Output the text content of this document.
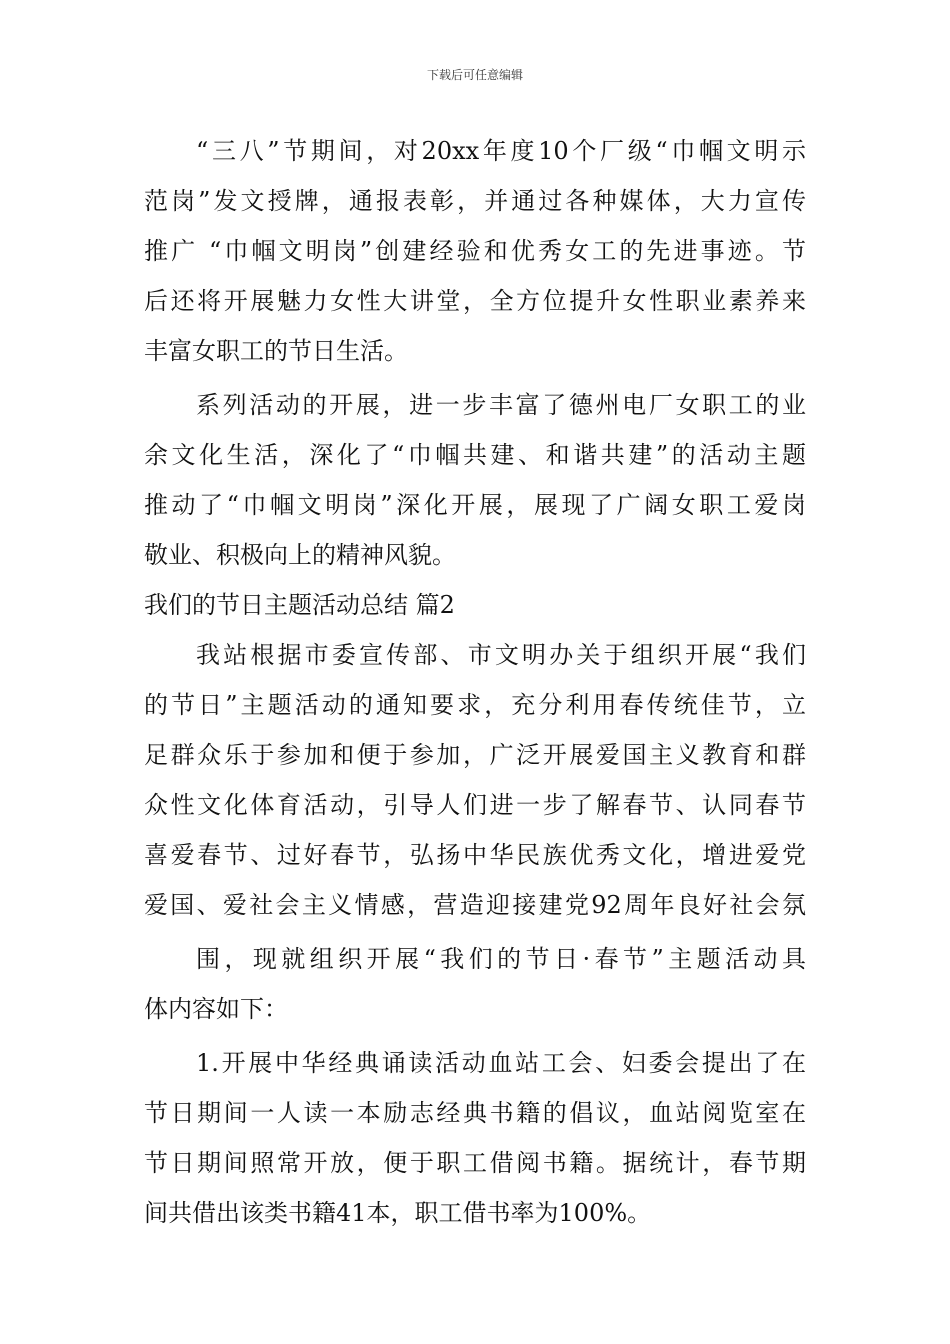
下载后可任意编辑
“三八”节期间，对20xx年度10个厂级“巾帼文明示
范岗”发文授牌，通报表彰，并通过各种媒体，大力宣传
推广 “巾帼文明岗”创建经验和优秀女工的先进事迹。节
后还将开展魅力女性大讲堂，全方位提升女性职业素养来
丰富女职工的节日生活。
系列活动的开展，进一步丰富了德州电厂女职工的业
余文化生活，深化了“巾帼共建、和谐共建”的活动主题
推动了“巾帼文明岗”深化开展，展现了广阔女职工爱岗
敬业、积极向上的精神风貌。
我们的节日主题活动总结 篇2
我站根据市委宣传部、市文明办关于组织开展“我们
的节日”主题活动的通知要求，充分利用春传统佳节，立
足群众乐于参加和便于参加，广泛开展爱国主义教育和群
众性文化体育活动，引导人们进一步了解春节、认同春节
喜爱春节、过好春节，弘扬中华民族优秀文化，增进爱党
爱国、爱社会主义情感，营造迎接建党92周年良好社会氛
围，现就组织开展“我们的节日·春节”主题活动具
体内容如下：
1.开展中华经典诵读活动血站工会、妇委会提出了在
节日期间一人读一本励志经典书籍的倡议，血站阅览室在
节日期间照常开放，便于职工借阅书籍。据统计，春节期
间共借出该类书籍41本，职工借书率为100%。
